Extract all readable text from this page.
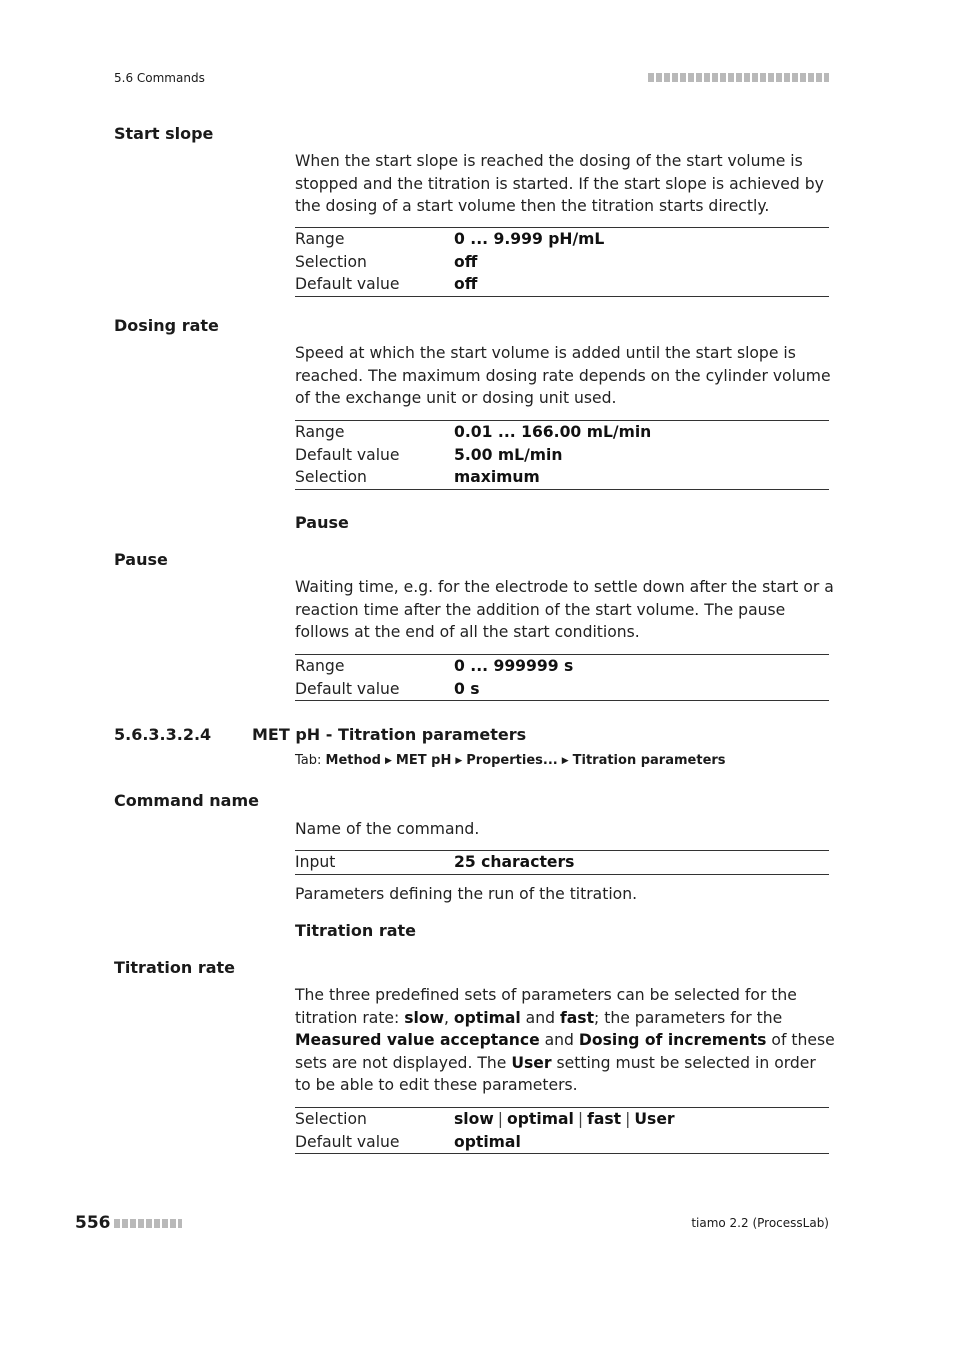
5.6 Commands
Start slope
When the start slope is reached the dosing of the start volume is stopped and the titration is started. If the start slope is achieved by the dosing of a start volume then the titration starts directly.
Range	0 ... 9.999 pH/mL
Selection	off
Default value	off
Dosing rate
Speed at which the start volume is added until the start slope is reached. The maximum dosing rate depends on the cylinder volume of the exchange unit or dosing unit used.
Range	0.01 ... 166.00 mL/min
Default value	5.00 mL/min
Selection	maximum
Pause
Pause
Waiting time, e.g. for the electrode to settle down after the start or a reaction time after the addition of the start volume. The pause follows at the end of all the start conditions.
Range	0 ... 999999 s
Default value	0 s
5.6.3.3.2.4	MET pH - Titration parameters
Tab: Method ▶ MET pH ▶ Properties... ▶ Titration parameters
Command name
Name of the command.
Input	25 characters
Parameters defining the run of the titration.
Titration rate
Titration rate
The three predefined sets of parameters can be selected for the titration rate: slow, optimal and fast; the parameters for the Measured value acceptance and Dosing of increments of these sets are not displayed. The User setting must be selected in order to be able to edit these parameters.
Selection	slow | optimal | fast | User
Default value	optimal
556	tiamo 2.2 (ProcessLab)
